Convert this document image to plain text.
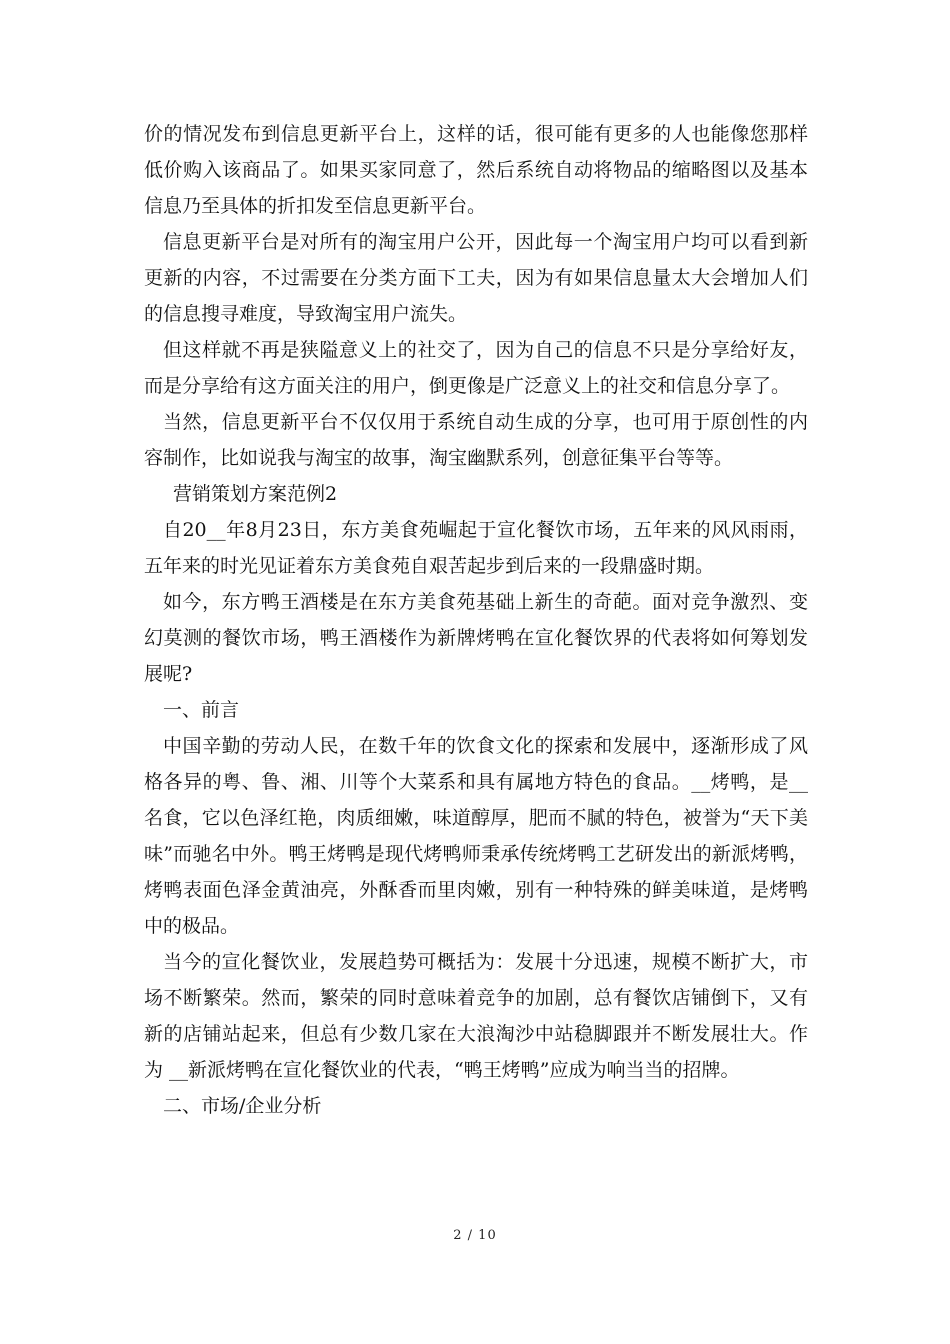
价的情况发布到信息更新平台上，这样的话，很可能有更多的人也能像您那样低价购入该商品了。如果买家同意了，然后系统自动将物品的缩略图以及基本信息乃至具体的折扣发至信息更新平台。

信息更新平台是对所有的淘宝用户公开，因此每一个淘宝用户均可以看到新更新的内容，不过需要在分类方面下工夫，因为有如果信息量太大会增加人们的信息搜寻难度，导致淘宝用户流失。

但这样就不再是狭隘意义上的社交了，因为自己的信息不只是分享给好友，而是分享给有这方面关注的用户，倒更像是广泛意义上的社交和信息分享了。

当然，信息更新平台不仅仅用于系统自动生成的分享，也可用于原创性的内容制作，比如说我与淘宝的故事，淘宝幽默系列，创意征集平台等等。

营销策划方案范例2

自20__年8月23日，东方美食苑崛起于宣化餐饮市场，五年来的风风雨雨，五年来的时光见证着东方美食苑自艰苦起步到后来的一段鼎盛时期。

如今，东方鸭王酒楼是在东方美食苑基础上新生的奇葩。面对竞争激烈、变幻莫测的餐饮市场，鸭王酒楼作为新牌烤鸭在宣化餐饮界的代表将如何筹划发展呢?

一、前言

中国辛勤的劳动人民，在数千年的饮食文化的探索和发展中，逐渐形成了风格各异的粤、鲁、湘、川等个大菜系和具有属地方特色的食品。__烤鸭，是__名食，它以色泽红艳，肉质细嫩，味道醇厚，肥而不腻的特色，被誉为“天下美味”而驰名中外。鸭王烤鸭是现代烤鸭师秉承传统烤鸭工艺研发出的新派烤鸭，烤鸭表面色泽金黄油亮，外酥香而里肉嫩，别有一种特殊的鲜美味道，是烤鸭中的极品。

当今的宣化餐饮业，发展趋势可概括为：发展十分迅速，规模不断扩大，市场不断繁荣。然而，繁荣的同时意味着竞争的加剧，总有餐饮店铺倒下，又有新的店铺站起来，但总有少数几家在大浪淘沙中站稳脚跟并不断发展壮大。作为 __新派烤鸭在宣化餐饮业的代表，“鸭王烤鸭”应成为响当当的招牌。

二、市场/企业分析

2 / 10
